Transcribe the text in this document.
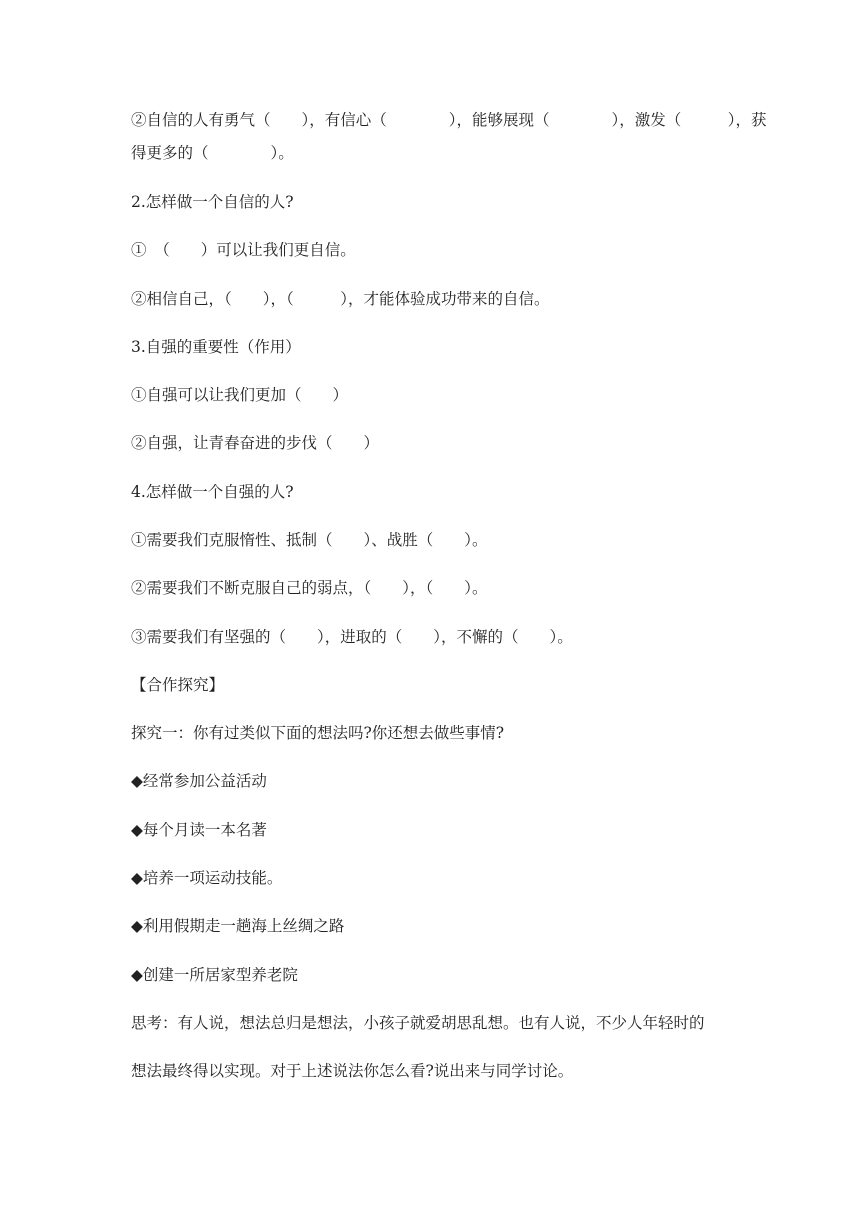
②自信的人有勇气（　　），有信心（　　　　），能够展现（　　　　），激发（　　　），获
得更多的（　　　　）。
2.怎样做一个自信的人?
①　（　　）可以让我们更自信。
②相信自己，（　　），（　　　），才能体验成功带来的自信。
3.自强的重要性（作用）
①自强可以让我们更加（　　）
②自强，让青春奋进的步伐（　　）
4.怎样做一个自强的人?
①需要我们克服惰性、抵制（　　）、战胜（　　）。
②需要我们不断克服自己的弱点，（　　），（　　）。
③需要我们有坚强的（　　），进取的（　　），不懈的（　　）。
【合作探究】
探究一：你有过类似下面的想法吗?你还想去做些事情?
◆经常参加公益活动
◆每个月读一本名著
◆培养一项运动技能。
◆利用假期走一趟海上丝绸之路
◆创建一所居家型养老院
思考：有人说，想法总归是想法，小孩子就爱胡思乱想。也有人说，不少人年轻时的
想法最终得以实现。对于上述说法你怎么看?说出来与同学讨论。
